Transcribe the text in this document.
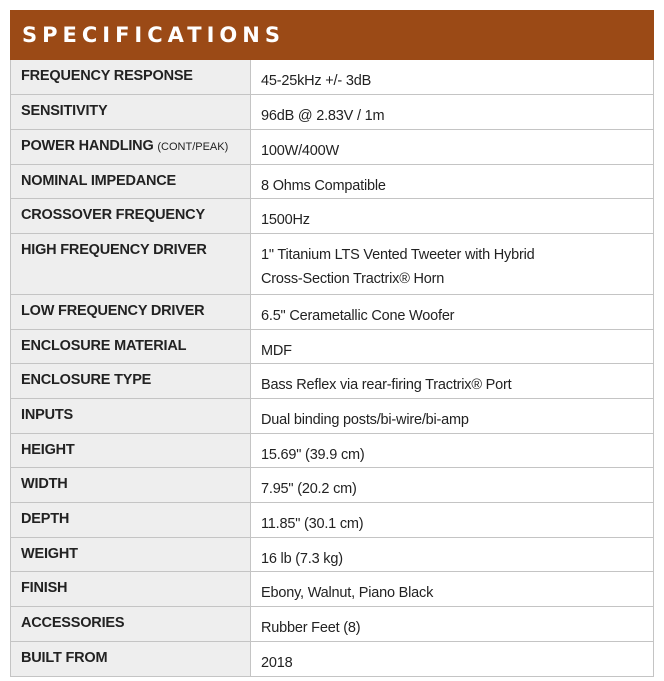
SPECIFICATIONS
FREQUENCY RESPONSE	45-25kHz +/- 3dB
SENSITIVITY	96dB @ 2.83V / 1m
POWER HANDLING (CONT/PEAK)	100W/400W
NOMINAL IMPEDANCE	8 Ohms Compatible
CROSSOVER FREQUENCY	1500Hz
HIGH FREQUENCY DRIVER	1" Titanium LTS Vented Tweeter with Hybrid
Cross-Section Tractrix® Horn

LOW FREQUENCY DRIVER	6.5" Cerametallic Cone Woofer
ENCLOSURE MATERIAL	MDF
ENCLOSURE TYPE	Bass Reflex via rear-firing Tractrix® Port
INPUTS	Dual binding posts/bi-wire/bi-amp
HEIGHT	15.69" (39.9 cm)
WIDTH	7.95" (20.2 cm)
DEPTH	11.85" (30.1 cm)
WEIGHT	16 lb (7.3 kg)
FINISH	Ebony, Walnut, Piano Black
ACCESSORIES	Rubber Feet (8)
BUILT FROM	2018
